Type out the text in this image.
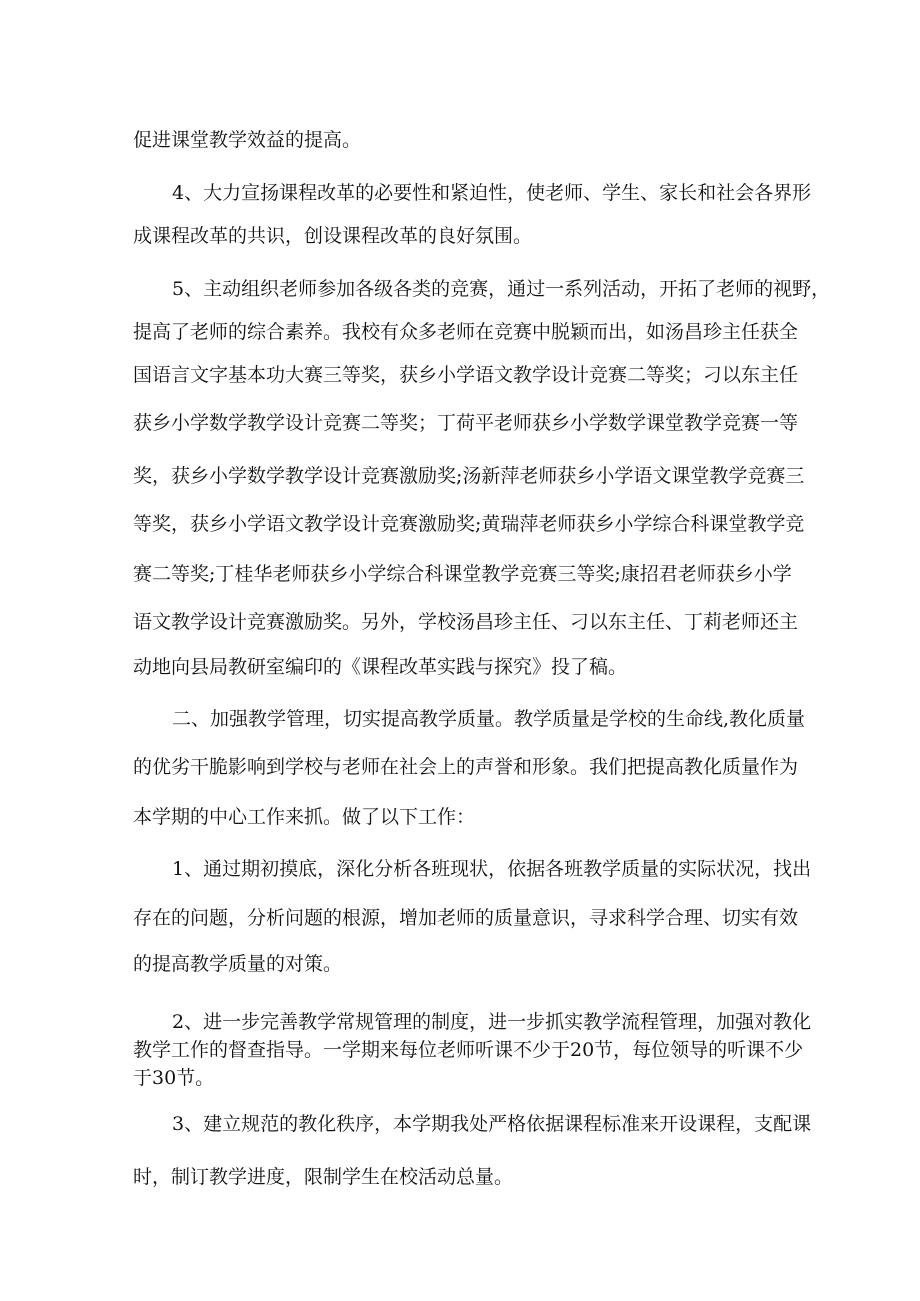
促进课堂教学效益的提高。
4、大力宣扬课程改革的必要性和紧迫性，使老师、学生、家长和社会各界形
成课程改革的共识，创设课程改革的良好氛围。
5、主动组织老师参加各级各类的竞赛，通过一系列活动，开拓了老师的视野，
提高了老师的综合素养。我校有众多老师在竞赛中脱颖而出，如汤昌珍主任获全
国语言文字基本功大赛三等奖，获乡小学语文教学设计竞赛二等奖；刁以东主任
获乡小学数学教学设计竞赛二等奖；丁荷平老师获乡小学数学课堂教学竞赛一等
奖，获乡小学数学教学设计竞赛激励奖;汤新萍老师获乡小学语文课堂教学竞赛三
等奖，获乡小学语文教学设计竞赛激励奖;黄瑞萍老师获乡小学综合科课堂教学竞
赛二等奖;丁桂华老师获乡小学综合科课堂教学竞赛三等奖;康招君老师获乡小学
语文教学设计竞赛激励奖。另外，学校汤昌珍主任、刁以东主任、丁莉老师还主
动地向县局教研室编印的《课程改革实践与探究》投了稿。
二、加强教学管理，切实提高教学质量。教学质量是学校的生命线,教化质量
的优劣干脆影响到学校与老师在社会上的声誉和形象。我们把提高教化质量作为
本学期的中心工作来抓。做了以下工作：
1、通过期初摸底，深化分析各班现状，依据各班教学质量的实际状况，找出
存在的问题，分析问题的根源，增加老师的质量意识，寻求科学合理、切实有效
的提高教学质量的对策。
2、进一步完善教学常规管理的制度，进一步抓实教学流程管理，加强对教化
教学工作的督查指导。一学期来每位老师听课不少于20节，每位领导的听课不少
于30节。
3、建立规范的教化秩序，本学期我处严格依据课程标准来开设课程，支配课
时，制订教学进度，限制学生在校活动总量。
